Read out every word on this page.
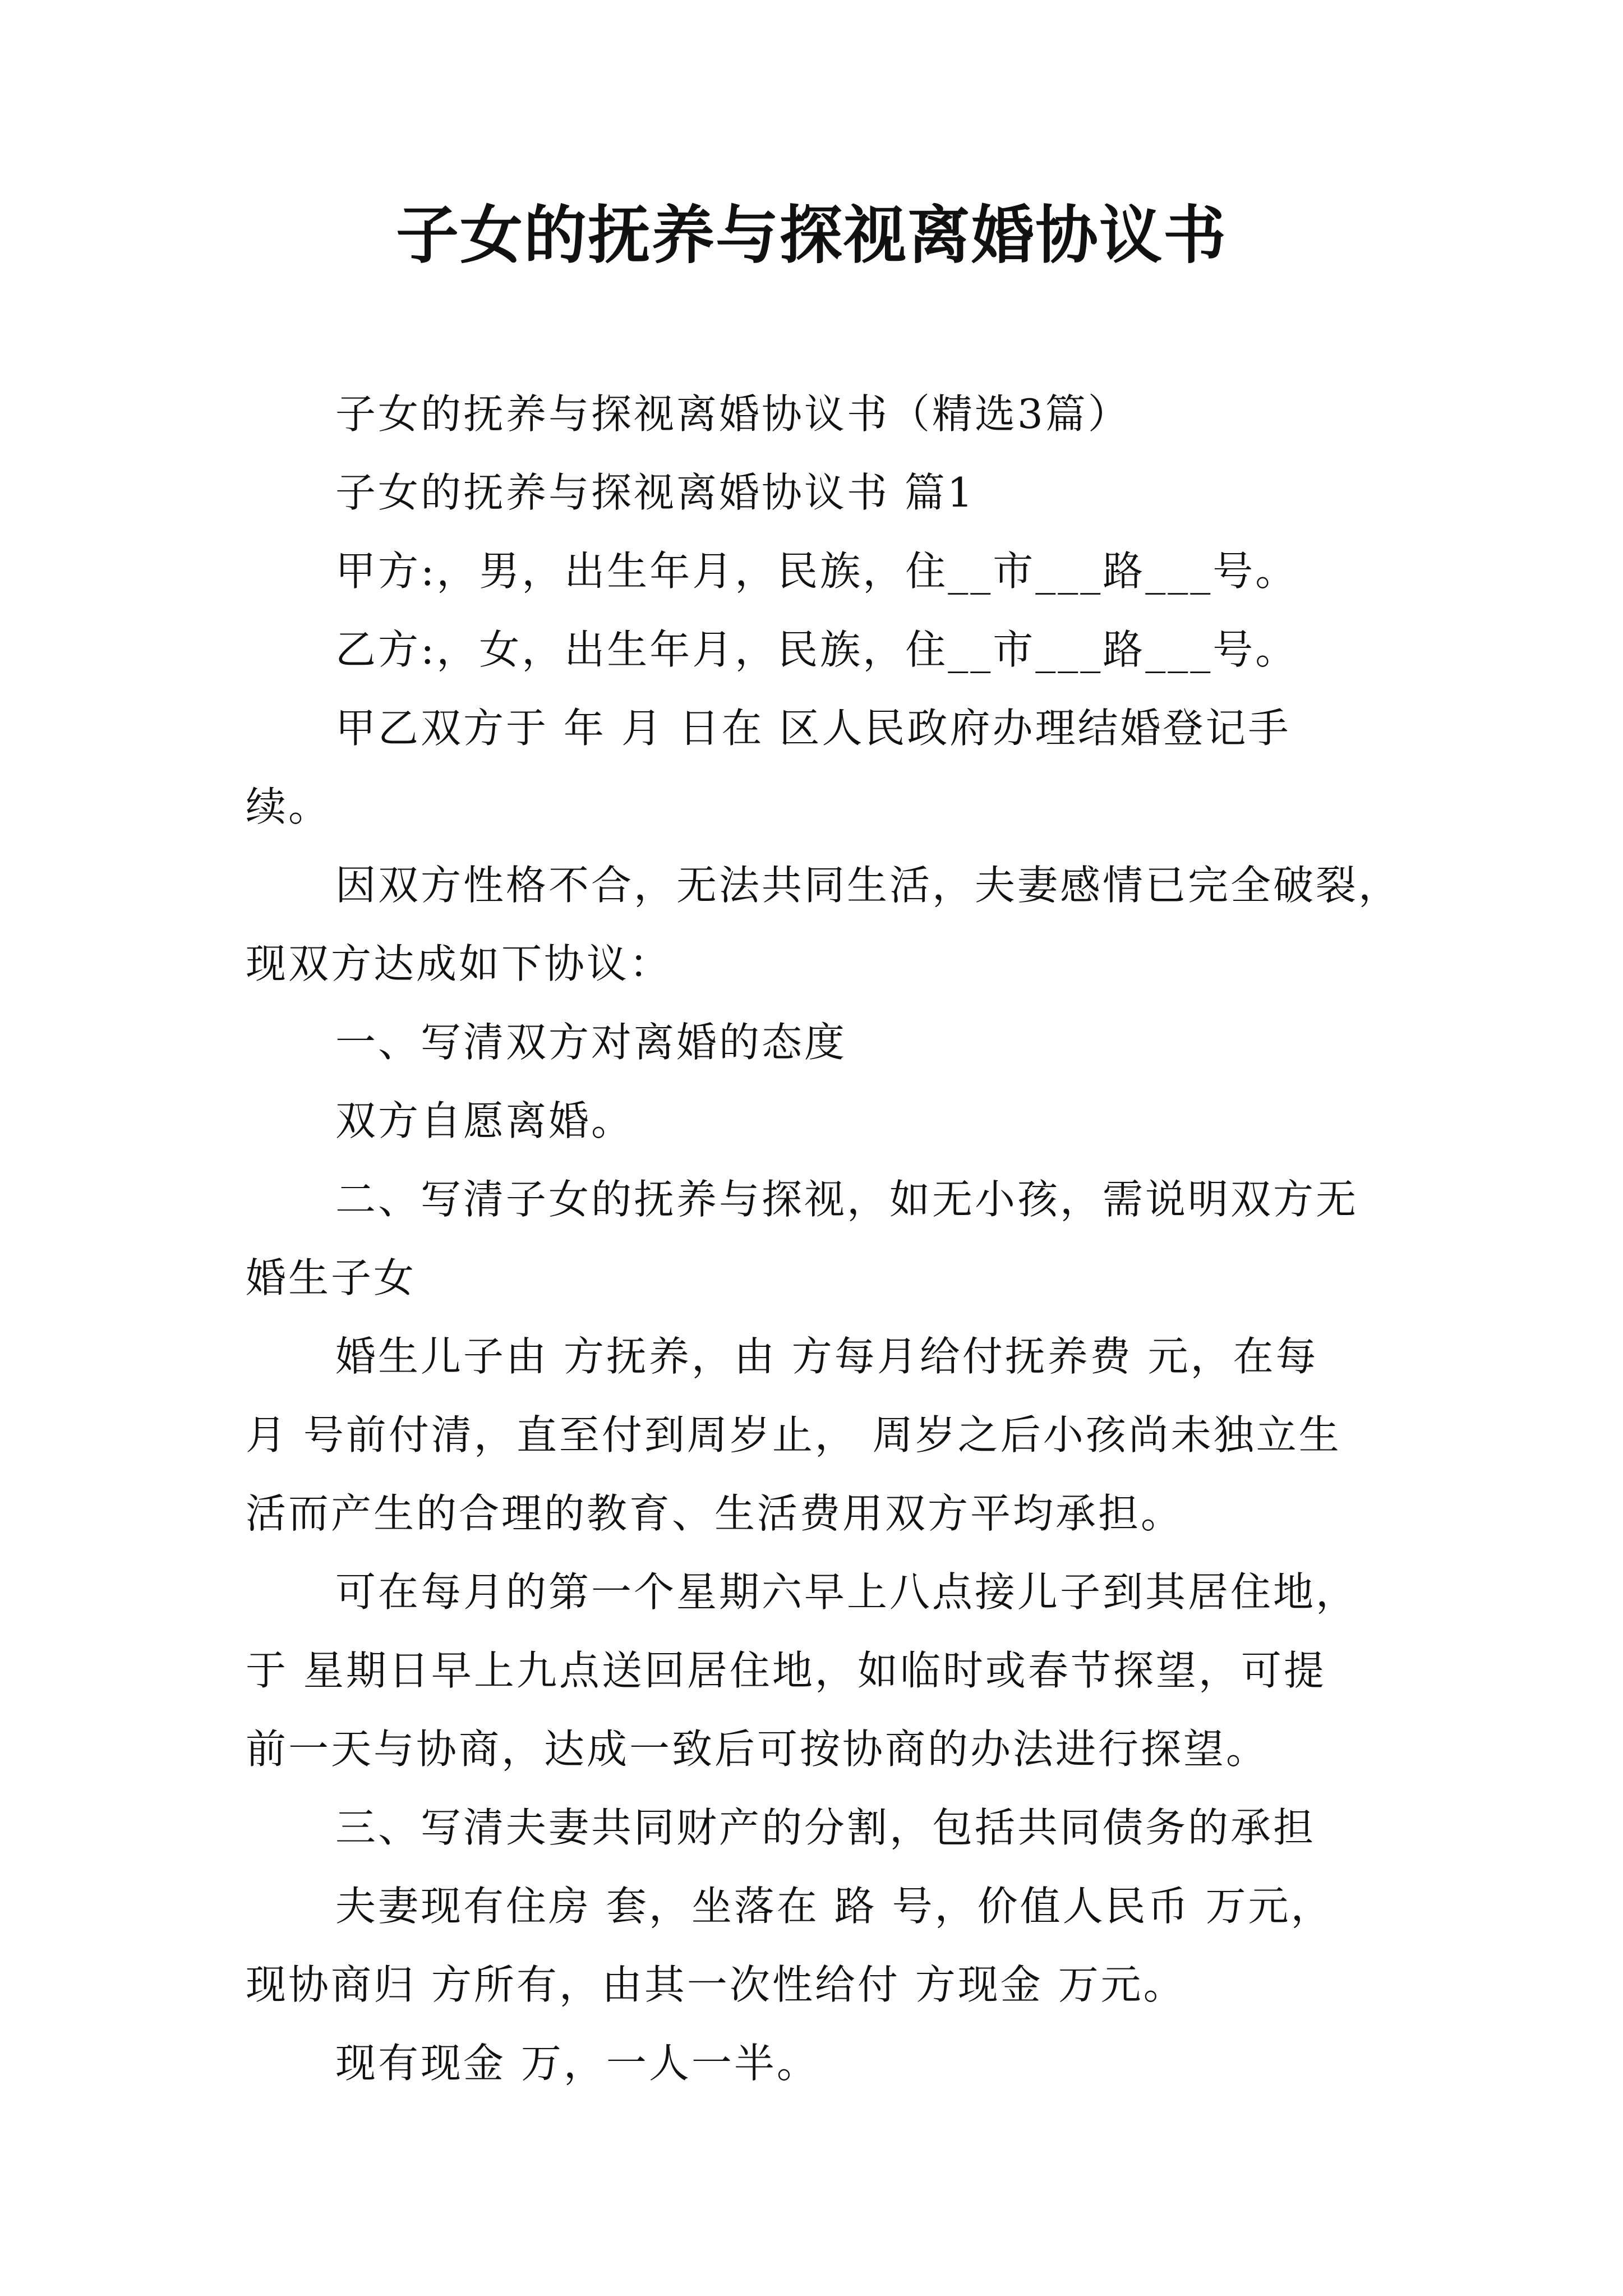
子女的抚养与探视离婚协议书
子女的抚养与探视离婚协议书（精选3篇）
子女的抚养与探视离婚协议书 篇1
甲方:，男，出生年月，民族，住__市___路___号。
乙方:，女，出生年月，民族，住__市___路___号。
甲乙双方于 年 月 日在 区人民政府办理结婚登记手
续。
因双方性格不合，无法共同生活，夫妻感情已完全破裂，
现双方达成如下协议：
一、写清双方对离婚的态度
双方自愿离婚。
二、写清子女的抚养与探视，如无小孩，需说明双方无
婚生子女
婚生儿子由 方抚养，由 方每月给付抚养费 元，在每
月 号前付清，直至付到周岁止， 周岁之后小孩尚未独立生
活而产生的合理的教育、生活费用双方平均承担。
可在每月的第一个星期六早上八点接儿子到其居住地，
于 星期日早上九点送回居住地，如临时或春节探望，可提
前一天与协商，达成一致后可按协商的办法进行探望。
三、写清夫妻共同财产的分割，包括共同债务的承担
夫妻现有住房 套，坐落在 路 号，价值人民币 万元，
现协商归 方所有，由其一次性给付 方现金 万元。
现有现金 万，一人一半。
